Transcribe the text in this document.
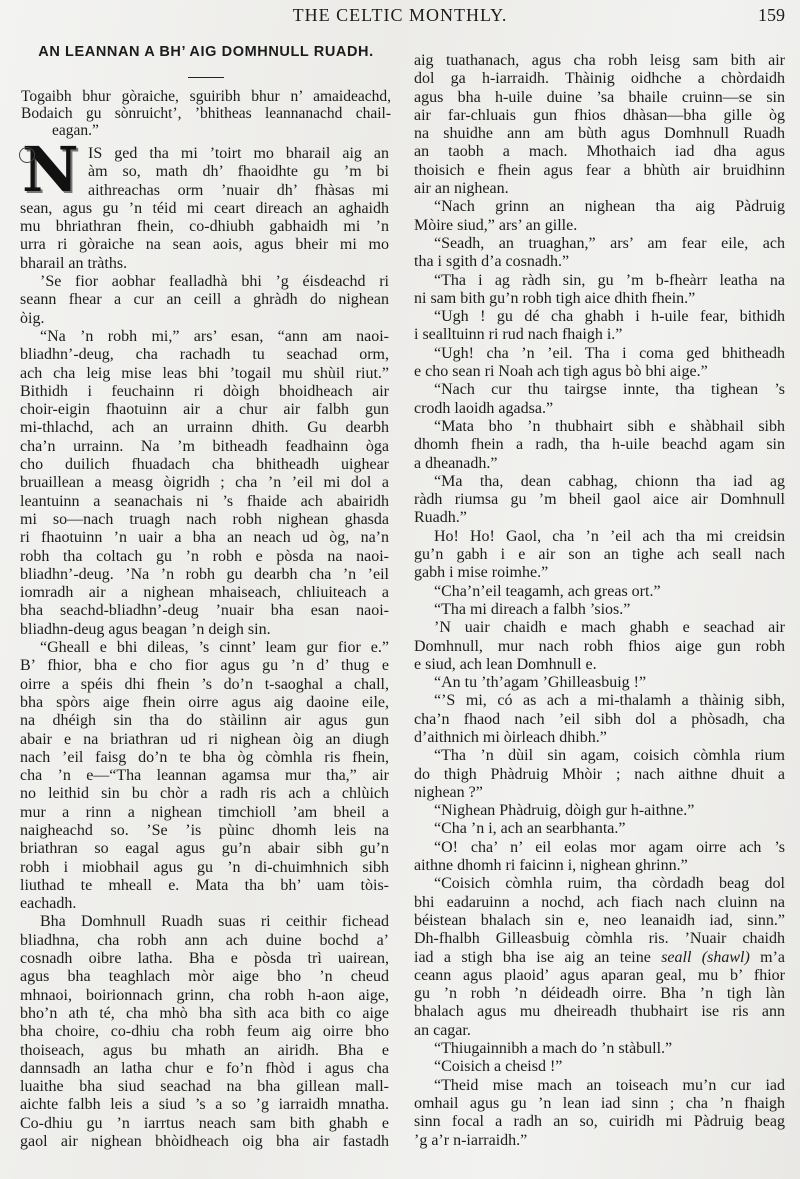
THE CELTIC MONTHLY.	159
AN LEANNAN A BH’ AIG DOMHNULL RUADH.
Togaibh bhur gòraiche, sguiribh bhur n’ amaideachd,
Bodaich gu sònruicht’, ’bhitheas leannanachd chail-
eagan.”
N IS ged tha mi ’toirt mo bharail aig an
àm so, math dh’ fhaoidhte gu ’m bi
aithreachas orm ’nuair dh’ fhàsas mi
sean, agus gu ’n téid mi ceart direach an aghaidh
mu bhriathran fhein, co-dhiubh gabhaidh mi ’n
urra ri gòraiche na sean aois, agus bheir mi mo
bharail an tràths.
’Se fior aobhar fealladhà bhi ’g éisdeachd ri
seann fhear a cur an ceill a ghràdh do nighean
òig.
“Na ’n robh mi,” ars’ esan, “ann am naoi-
bliadhn’-deug, cha rachadh tu seachad orm,
ach cha leig mise leas bhi ’togail mu shùil riut.”
Bithidh i feuchainn ri dòigh bhoidheach air
choir-eigin fhaotuinn air a chur air falbh gun
mi-thlachd, ach an urrainn dhith. Gu dearbh
cha’n urrainn. Na ’m bitheadh feadhainn òga
cho duilich fhuadach cha bhitheadh uighear
bruaillean a measg òigridh ; cha ’n ’eil mi dol a
leantuinn a seanachais ni ’s fhaide ach abairidh
mi so—nach truagh nach robh nighean ghasda
ri fhaotuinn ’n uair a bha an neach ud òg, na’n
robh tha coltach gu ’n robh e pòsda na naoi-
bliadhn’-deug. ’Na ’n robh gu dearbh cha ’n ’eil
iomradh air a nighean mhaiseach, chliuiteach a
bha seachd-bliadhn’-deug ’nuair bha esan naoi-
bliadhn-deug agus beagan ’n deigh sin.
“Gheall e bhi dileas, ’s cinnt’ leam gur fior e.”
B’ fhior, bha e cho fior agus gu ’n d’ thug e
oirre a spéis dhi fhein ’s do’n t-saoghal a chall,
bha spòrs aige fhein oirre agus aig daoine eile,
na dhéigh sin tha do stàilinn air agus gun
abair e na briathran ud ri nighean òig an diugh
nach ’eil faisg do’n te bha òg còmhla ris fhein,
cha ’n e—“Tha leannan agamsa mur tha,” air
no leithid sin bu chòr a radh ris ach a chlùich
mur a rinn a nighean timchioll ’am bheil a
naigheachd so. ’Se ’is pùinc dhomh leis na
briathran so eagal agus gu’n abair sibh gu’n
robh i miobhail agus gu ’n di-chuimhnich sibh
liuthad te mheall e. Mata tha bh’ uam tòis-
eachadh.
Bha Domhnull Ruadh suas ri ceithir fichead
bliadhna, cha robh ann ach duine bochd a’
cosnadh oibre latha. Bha e pòsda trì uairean,
agus bha teaghlach mòr aige bho ’n cheud
mhnaoi, boirionnach grinn, cha robh h-aon aige,
bho’n ath té, cha mhò bha sìth aca bith co aige
bha choire, co-dhiu cha robh feum aig oirre bho
thoiseach, agus bu mhath an airidh. Bha e
dannsadh an latha chur e fo’n fhòd i agus cha
luaithe bha siud seachad na bha gillean mall-
aichte falbh leis a siud ’s a so ’g iarraidh mnatha.
Co-dhiu gu ’n iarrtus neach sam bith ghabh e
gaol air nighean bhòidheach oig bha air fastadh
aig tuathanach, agus cha robh leisg sam bith air
dol ga h-iarraidh. Thàinig oidhche a chòrdaidh
agus bha h-uile duine ’sa bhaile cruinn—se sin
air far-chluais gun fhios dhàsan—bha gille òg
na shuidhe ann am bùth agus Domhnull Ruadh
an taobh a mach. Mhothaich iad dha agus
thoisich e fhein agus fear a bhùth air bruidhinn
air an nighean.
“Nach grinn an nighean tha aig Pàdruig
Mòire siud,” ars’ an gille.
“Seadh, an truaghan,” ars’ am fear eile, ach
tha i sgith d’a cosnadh.”
“Tha i ag ràdh sin, gu ’m b-fheàrr leatha na
ni sam bith gu’n robh tigh aice dhith fhein.”
“Ugh ! gu dé cha ghabh i h-uile fear, bithidh
i sealltuinn ri rud nach fhaigh i.”
“Ugh! cha ’n ’eil. Tha i coma ged bhitheadh
e cho sean ri Noah ach tigh agus bò bhi aige.”
“Nach cur thu tairgse innte, tha tighean ’s
crodh laoidh agadsa.”
“Mata bho ’n thubhairt sibh e shàbhail sibh
dhomh fhein a radh, tha h-uile beachd agam sin
a dheanadh.”
“Ma tha, dean cabhag, chionn tha iad ag
ràdh riumsa gu ’m bheil gaol aice air Domhnull
Ruadh.”
Ho! Ho! Gaol, cha ’n ’eil ach tha mi creidsin
gu’n gabh i e air son an tighe ach seall nach
gabh i mise roimhe.”
“Cha’n’eil teagamh, ach greas ort.”
“Tha mi direach a falbh ’sios.”
’N uair chaidh e mach ghabh e seachad air
Domhnull, mur nach robh fhios aige gun robh
e siud, ach lean Domhnull e.
“An tu ’th’agam ’Ghilleasbuig !”
“’S mi, có as ach a mi-thalamh a thàinig sibh,
cha’n fhaod nach ’eil sibh dol a phòsadh, cha
d’aithnich mi òirleach dhibh.”
“Tha ’n dùil sin agam, coisich còmhla rium
do thigh Phàdruig Mhòir ; nach aithne dhuit a
nighean ?”
“Nighean Phàdruig, dòigh gur h-aithne.”
“Cha ’n i, ach an searbhanta.”
“O! cha’ n’ eil eolas mor agam oirre ach ’s
aithne dhomh ri faicinn i, nighean ghrinn.”
“Coisich còmhla ruim, tha còrdadh beag dol
bhi eadaruinn a nochd, ach fiach nach cluinn na
béistean bhalach sin e, neo leanaidh iad, sinn.”
Dh-fhalbh Gilleasbuig còmhla ris. ’Nuair chaidh
iad a stigh bha ise aig an teine seall (shawl) m’a
ceann agus plaoid’ agus aparan geal, mu b’ fhior
gu ’n robh ’n déideadh oirre. Bha ’n tigh làn
bhalach agus mu dheireadh thubhairt ise ris ann
an cagar.
“Thiugainnibh a mach do ’n stàbull.”
“Coisich a cheisd !”
“Theid mise mach an toiseach mu’n cur iad
omhail agus gu ’n lean iad sinn ; cha ’n fhaigh
sinn focal a radh an so, cuiridh mi Pàdruig beag
’g a’r n-iarraidh.”
